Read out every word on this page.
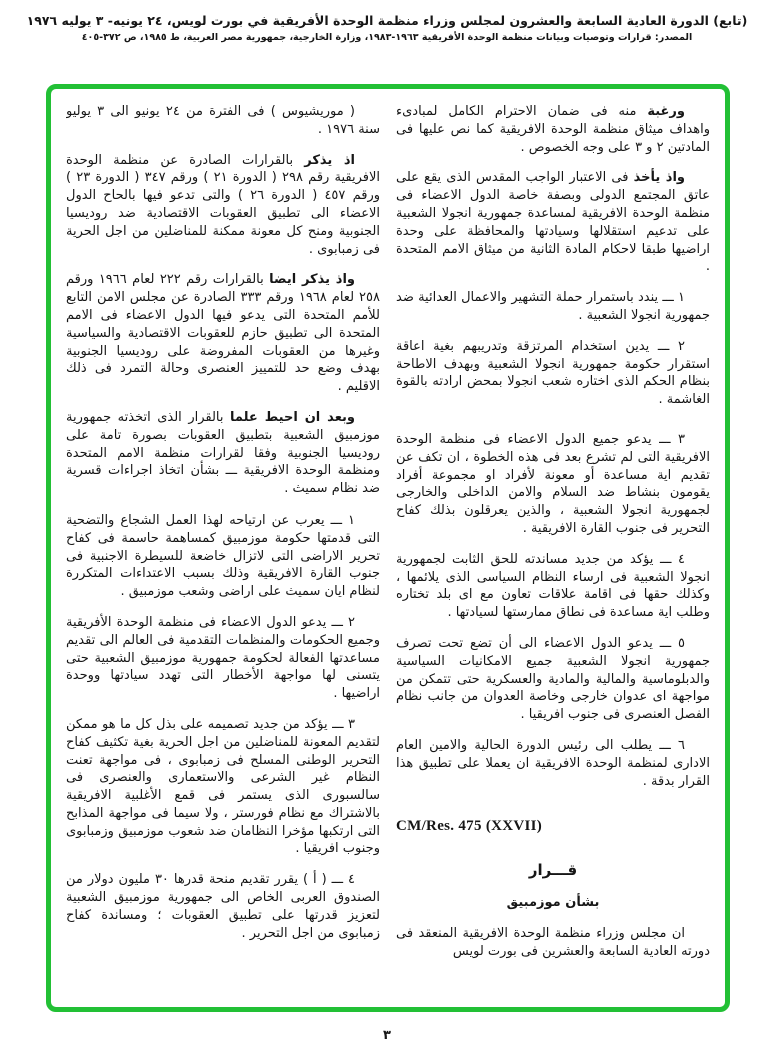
(تابع) الدورة العادية السابعة والعشرون لمجلس وزراء منظمة الوحدة الأفريقية في بورت لويس، ٢٤ يونيه- ٣ يوليه ١٩٧٦
المصدر: قرارات وتوصيات وبيانات منظمة الوحدة الأفريقية ١٩٦٣-١٩٨٣، وزارة الخارجية، جمهورية مصر العربية، ط ١٩٨٥، ص ٣٧٢-٤٠٥

ورغبة منه فى ضمان الاحترام الكامل لمبادىء واهداف ميثاق منظمة الوحدة الافريقية كما نص عليها فى المادتين ٢ و ٣ على وجه الخصوص .

واذ يأخذ فى الاعتبار الواجب المقدس الذى يقع على عاتق المجتمع الدولى وبصفة خاصة الدول الاعضاء فى منظمة الوحدة الافريقية لمساعدة جمهورية انجولا الشعبية على تدعيم استقلالها وسيادتها والمحافظة على وحدة اراضيها طبقا لاحكام المادة الثانية من ميثاق الامم المتحدة .

١ ـــ يندد باستمرار حملة التشهير والاعمال العدائية ضد جمهورية انجولا الشعبية .

٢ ـــ يدين استخدام المرتزقة وتدريبهم بغية اعاقة استقرار حكومة جمهورية انجولا الشعبية وبهدف الاطاحة بنظام الحكم الذى اختاره شعب انجولا بمحض ارادته بالقوة الغاشمة .

٣ ـــ يدعو جميع الدول الاعضاء فى منظمة الوحدة الافريقية التى لم تشرع بعد فى هذه الخطوة ، ان تكف عن تقديم اية مساعدة أو معونة لأفراد او مجموعة أفراد يقومون بنشاط ضد السلام والامن الداخلى والخارجى لجمهورية انجولا الشعبية ، والذين يعرقلون بذلك كفاح التحرير فى جنوب القارة الافريقية .

٤ ـــ يؤكد من جديد مساندته للحق الثابت لجمهورية انجولا الشعبية فى ارساء النظام السياسى الذى يلائمها ، وكذلك حقها فى اقامة علاقات تعاون مع اى بلد تختاره وطلب اية مساعدة فى نطاق ممارستها لسيادتها .

٥ ـــ يدعو الدول الاعضاء الى أن تضع تحت تصرف جمهورية انجولا الشعبية جميع الامكانيات السياسية والدبلوماسية والمالية والمادية والعسكرية حتى تتمكن من مواجهة اى عدوان خارجى وخاصة العدوان من جانب نظام الفصل العنصرى فى جنوب افريقيا .

٦ ـــ يطلب الى رئيس الدورة الحالية والامين العام الادارى لمنظمة الوحدة الافريقية ان يعملا على تطبيق هذا القرار بدقة .

CM/Res. 475 (XXVII)
قـــرار
بشأن موزمبيق

ان مجلس وزراء منظمة الوحدة الافريقية المنعقد فى دورته العادية السابعة والعشرين فى بورت لويس

( موريشيوس ) فى الفترة من ٢٤ يونيو الى ٣ يوليو سنة ١٩٧٦ .

اذ يذكر بالقرارات الصادرة عن منظمة الوحدة الافريقية رقم ٢٩٨ ( الدورة ٢١ ) ورقم ٣٤٧ ( الدورة ٢٣ ) ورقم ٤٥٧ ( الدورة ٢٦ ) والتى تدعو فيها بالحاح الدول الاعضاء الى تطبيق العقوبات الاقتصادية ضد روديسيا الجنوبية ومنح كل معونة ممكنة للمناضلين من اجل الحرية فى زمبابوى .

واذ يذكر ايضا بالقرارات رقم ٢٢٢ لعام ١٩٦٦ ورقم ٢٥٨ لعام ١٩٦٨ ورقم ٣٣٣ الصادرة عن مجلس الامن التابع للأمم المتحدة التى يدعو فيها الدول الاعضاء فى الامم المتحدة الى تطبيق حازم للعقوبات الاقتصادية والسياسية وغيرها من العقوبات المفروضة على روديسيا الجنوبية بهدف وضع حد للتمييز العنصرى وحالة التمرد فى ذلك الاقليم .

وبعد ان احيط علما بالقرار الذى اتخذته جمهورية موزمبيق الشعبية بتطبيق العقوبات بصورة تامة على روديسيا الجنوبية وفقا لقرارات منظمة الامم المتحدة ومنظمة الوحدة الافريقية ـــ بشأن اتخاذ اجراءات قسرية ضد نظام سميث .

١ ـــ يعرب عن ارتياحه لهذا العمل الشجاع والتضحية التى قدمتها حكومة موزمبيق كمساهمة حاسمة فى كفاح تحرير الاراضى التى لاتزال خاضعة للسيطرة الاجنبية فى جنوب القارة الافريقية وذلك بسبب الاعتداءات المتكررة لنظام ايان سميث على اراضى وشعب موزمبيق .

٢ ـــ يدعو الدول الاعضاء فى منظمة الوحدة الأفريقية وجميع الحكومات والمنظمات التقدمية فى العالم الى تقديم مساعدتها الفعالة لحكومة جمهورية موزمبيق الشعبية حتى يتسنى لها مواجهة الأخطار التى تهدد سيادتها ووحدة اراضيها .

٣ ـــ يؤكد من جديد تصميمه على بذل كل ما هو ممكن لتقديم المعونة للمناضلين من اجل الحرية بغية تكثيف كفاح التحرير الوطنى المسلح فى زمبابوى ، فى مواجهة تعنت النظام غير الشرعى والاستعمارى والعنصرى فى سالسبورى الذى يستمر فى قمع الأغلبية الافريقية بالاشتراك مع نظام فورستر ، ولا سيما فى مواجهة المذابح التى ارتكبها مؤخرا النظامان ضد شعوب موزمبيق وزمبابوى وجنوب افريقيا .

٤ ـــ ( أ ) يقرر تقديم منحة قدرها ٣٠ مليون دولار من الصندوق العربى الخاص الى جمهورية موزمبيق الشعبية لتعزيز قدرتها على تطبيق العقوبات ؛ ومساندة كفاح زمبابوى من اجل التحرير .

٣
